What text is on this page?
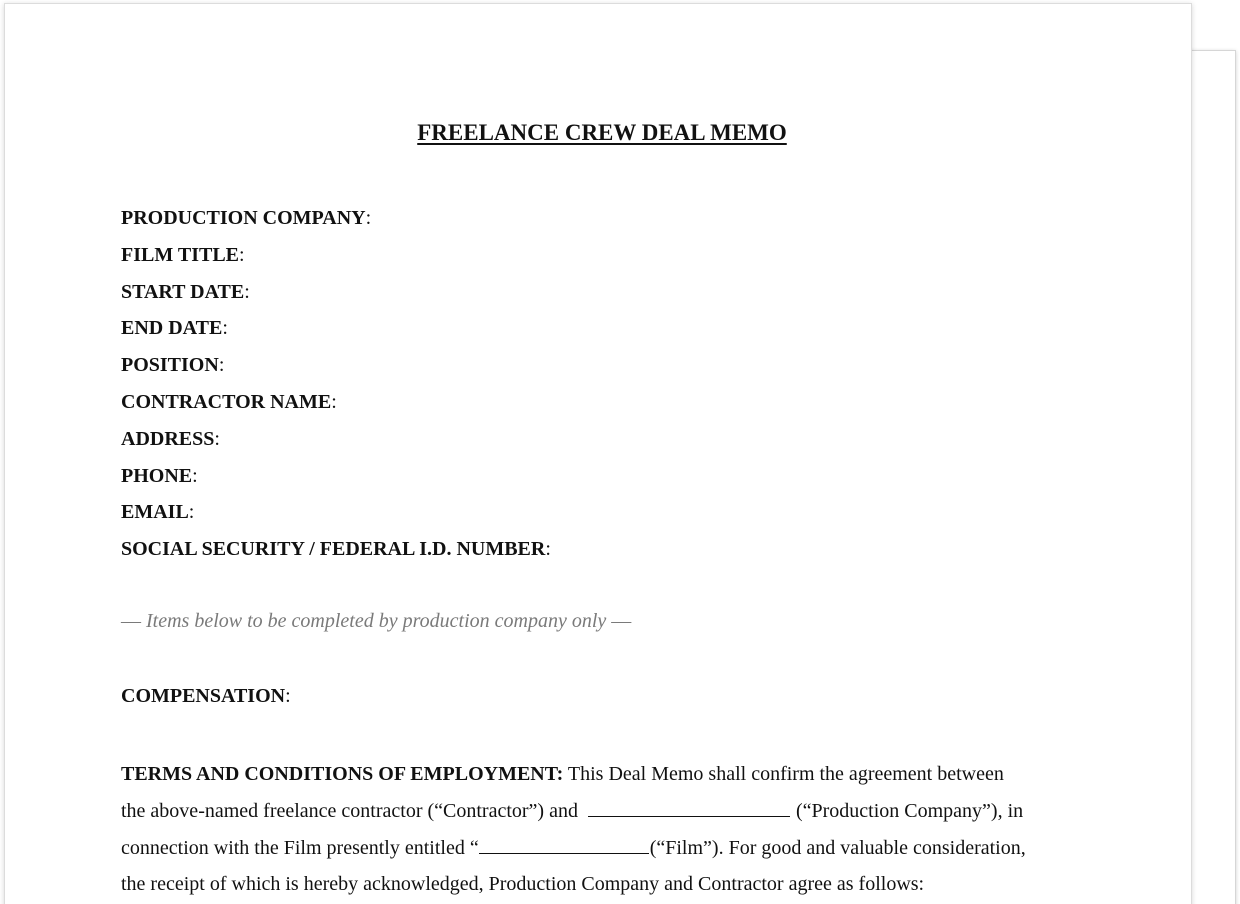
FREELANCE CREW DEAL MEMO
PRODUCTION COMPANY:
FILM TITLE:
START DATE:
END DATE:
POSITION:
CONTRACTOR NAME:
ADDRESS:
PHONE:
EMAIL:
SOCIAL SECURITY / FEDERAL I.D. NUMBER:
— Items below to be completed by production company only —
COMPENSATION:
TERMS AND CONDITIONS OF EMPLOYMENT: This Deal Memo shall confirm the agreement between
the above-named freelance contractor (“Contractor”) and	(“Production Company”), in
connection with the Film presently entitled “	(“Film”). For good and valuable consideration,
the receipt of which is hereby acknowledged, Production Company and Contractor agree as follows:
